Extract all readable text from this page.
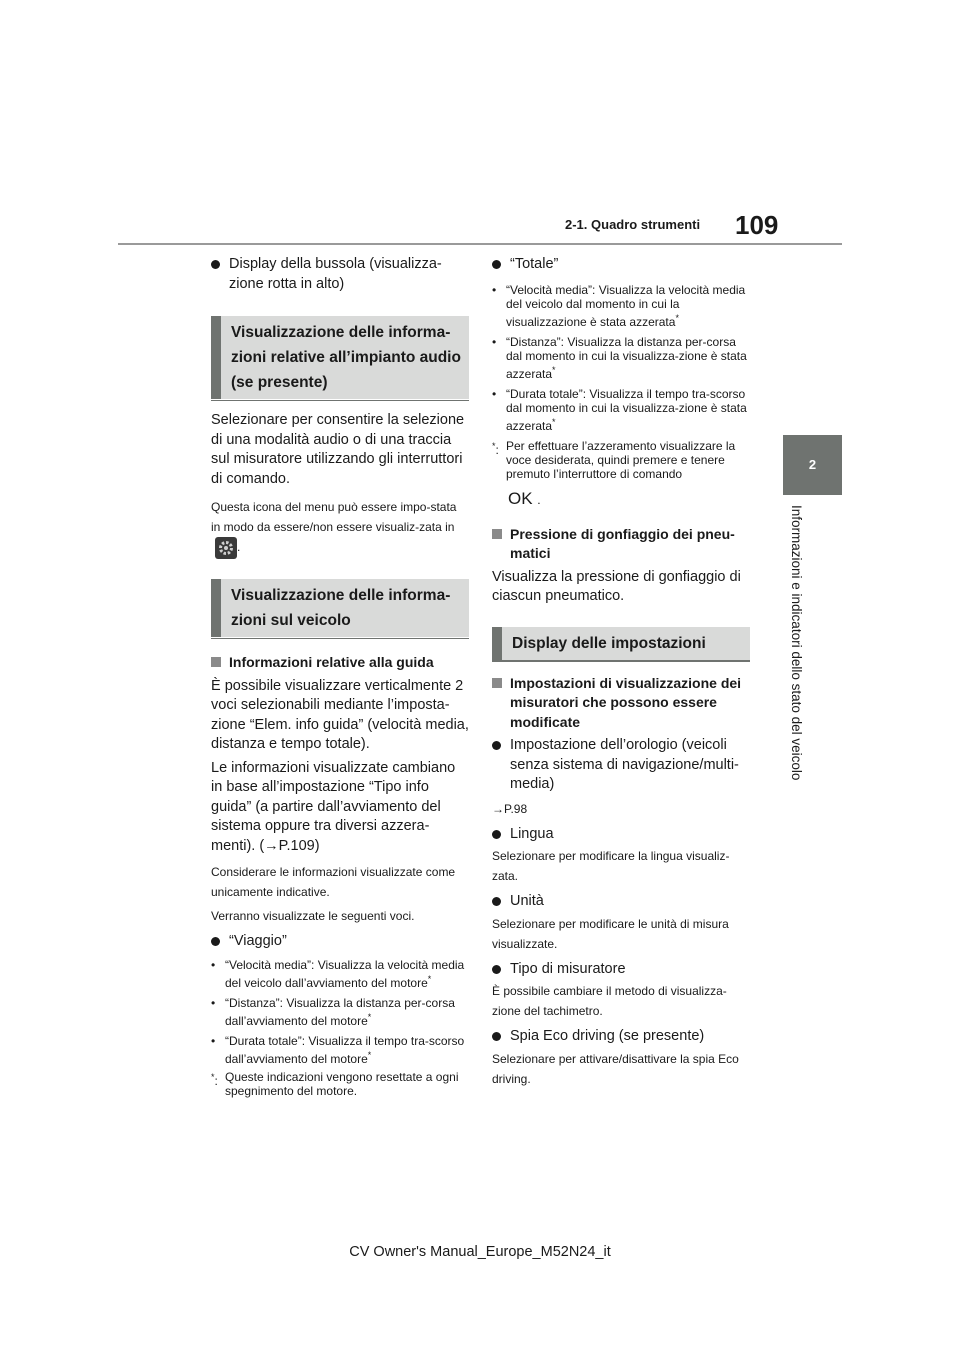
2-1. Quadro strumenti 109
2
Informazioni e indicatori dello stato del veicolo
Display della bussola (visualizza-zione rotta in alto)
Visualizzazione delle informa-zioni relative all’impianto audio (se presente)

Selezionare per consentire la selezione di una modalità audio o di una traccia sul misuratore utilizzando gli interruttori di comando.

Questa icona del menu può essere impo-stata in modo da essere/non essere visualiz-zata in
.

Visualizzazione delle informa-zioni sul veicolo
Informazioni relative alla guida

È possibile visualizzare verticalmente 2 voci selezionabili mediante l’imposta-zione “Elem. info guida” (velocità media, distanza e tempo totale).

Le informazioni visualizzate cambiano in base all’impostazione “Tipo info guida” (a partire dall’avviamento del sistema oppure tra diversi azzera-menti). (→P.109)

Considerare le informazioni visualizzate come unicamente indicative.

Verranno visualizzate le seguenti voci.

“Viaggio”
• “Velocità media”: Visualizza la velocità media del veicolo dall’avviamento del motore*
• “Distanza”: Visualizza la distanza per-corsa dall’avviamento del motore*
• “Durata totale”: Visualizza il tempo tra-scorso dall’avviamento del motore*
*: Queste indicazioni vengono resettate a ogni spegnimento del motore.
“Totale”
• “Velocità media”: Visualizza la velocità media del veicolo dal momento in cui la visualizzazione è stata azzerata*
• “Distanza”: Visualizza la distanza per-corsa dal momento in cui la visualizza-zione è stata azzerata*
• “Durata totale”: Visualizza il tempo tra-scorso dal momento in cui la visualizza-zione è stata azzerata*
*: Per effettuare l’azzeramento visualizzare la voce desiderata, quindi premere e tenere premuto l’interruttore di comando
OK .
Pressione di gonfiaggio dei pneu-matici

Visualizza la pressione di gonfiaggio di ciascun pneumatico.

Display delle impostazioni
Impostazioni di visualizzazione dei misuratori che possono essere modificate
Impostazione dell’orologio (veicoli senza sistema di navigazione/multi-media)

→P.98

Lingua

Selezionare per modificare la lingua visualiz-zata.

Unità

Selezionare per modificare le unità di misura visualizzate.

Tipo di misuratore

È possibile cambiare il metodo di visualizza-zione del tachimetro.

Spia Eco driving (se presente)

Selezionare per attivare/disattivare la spia Eco driving.

CV Owner's Manual_Europe_M52N24_it
